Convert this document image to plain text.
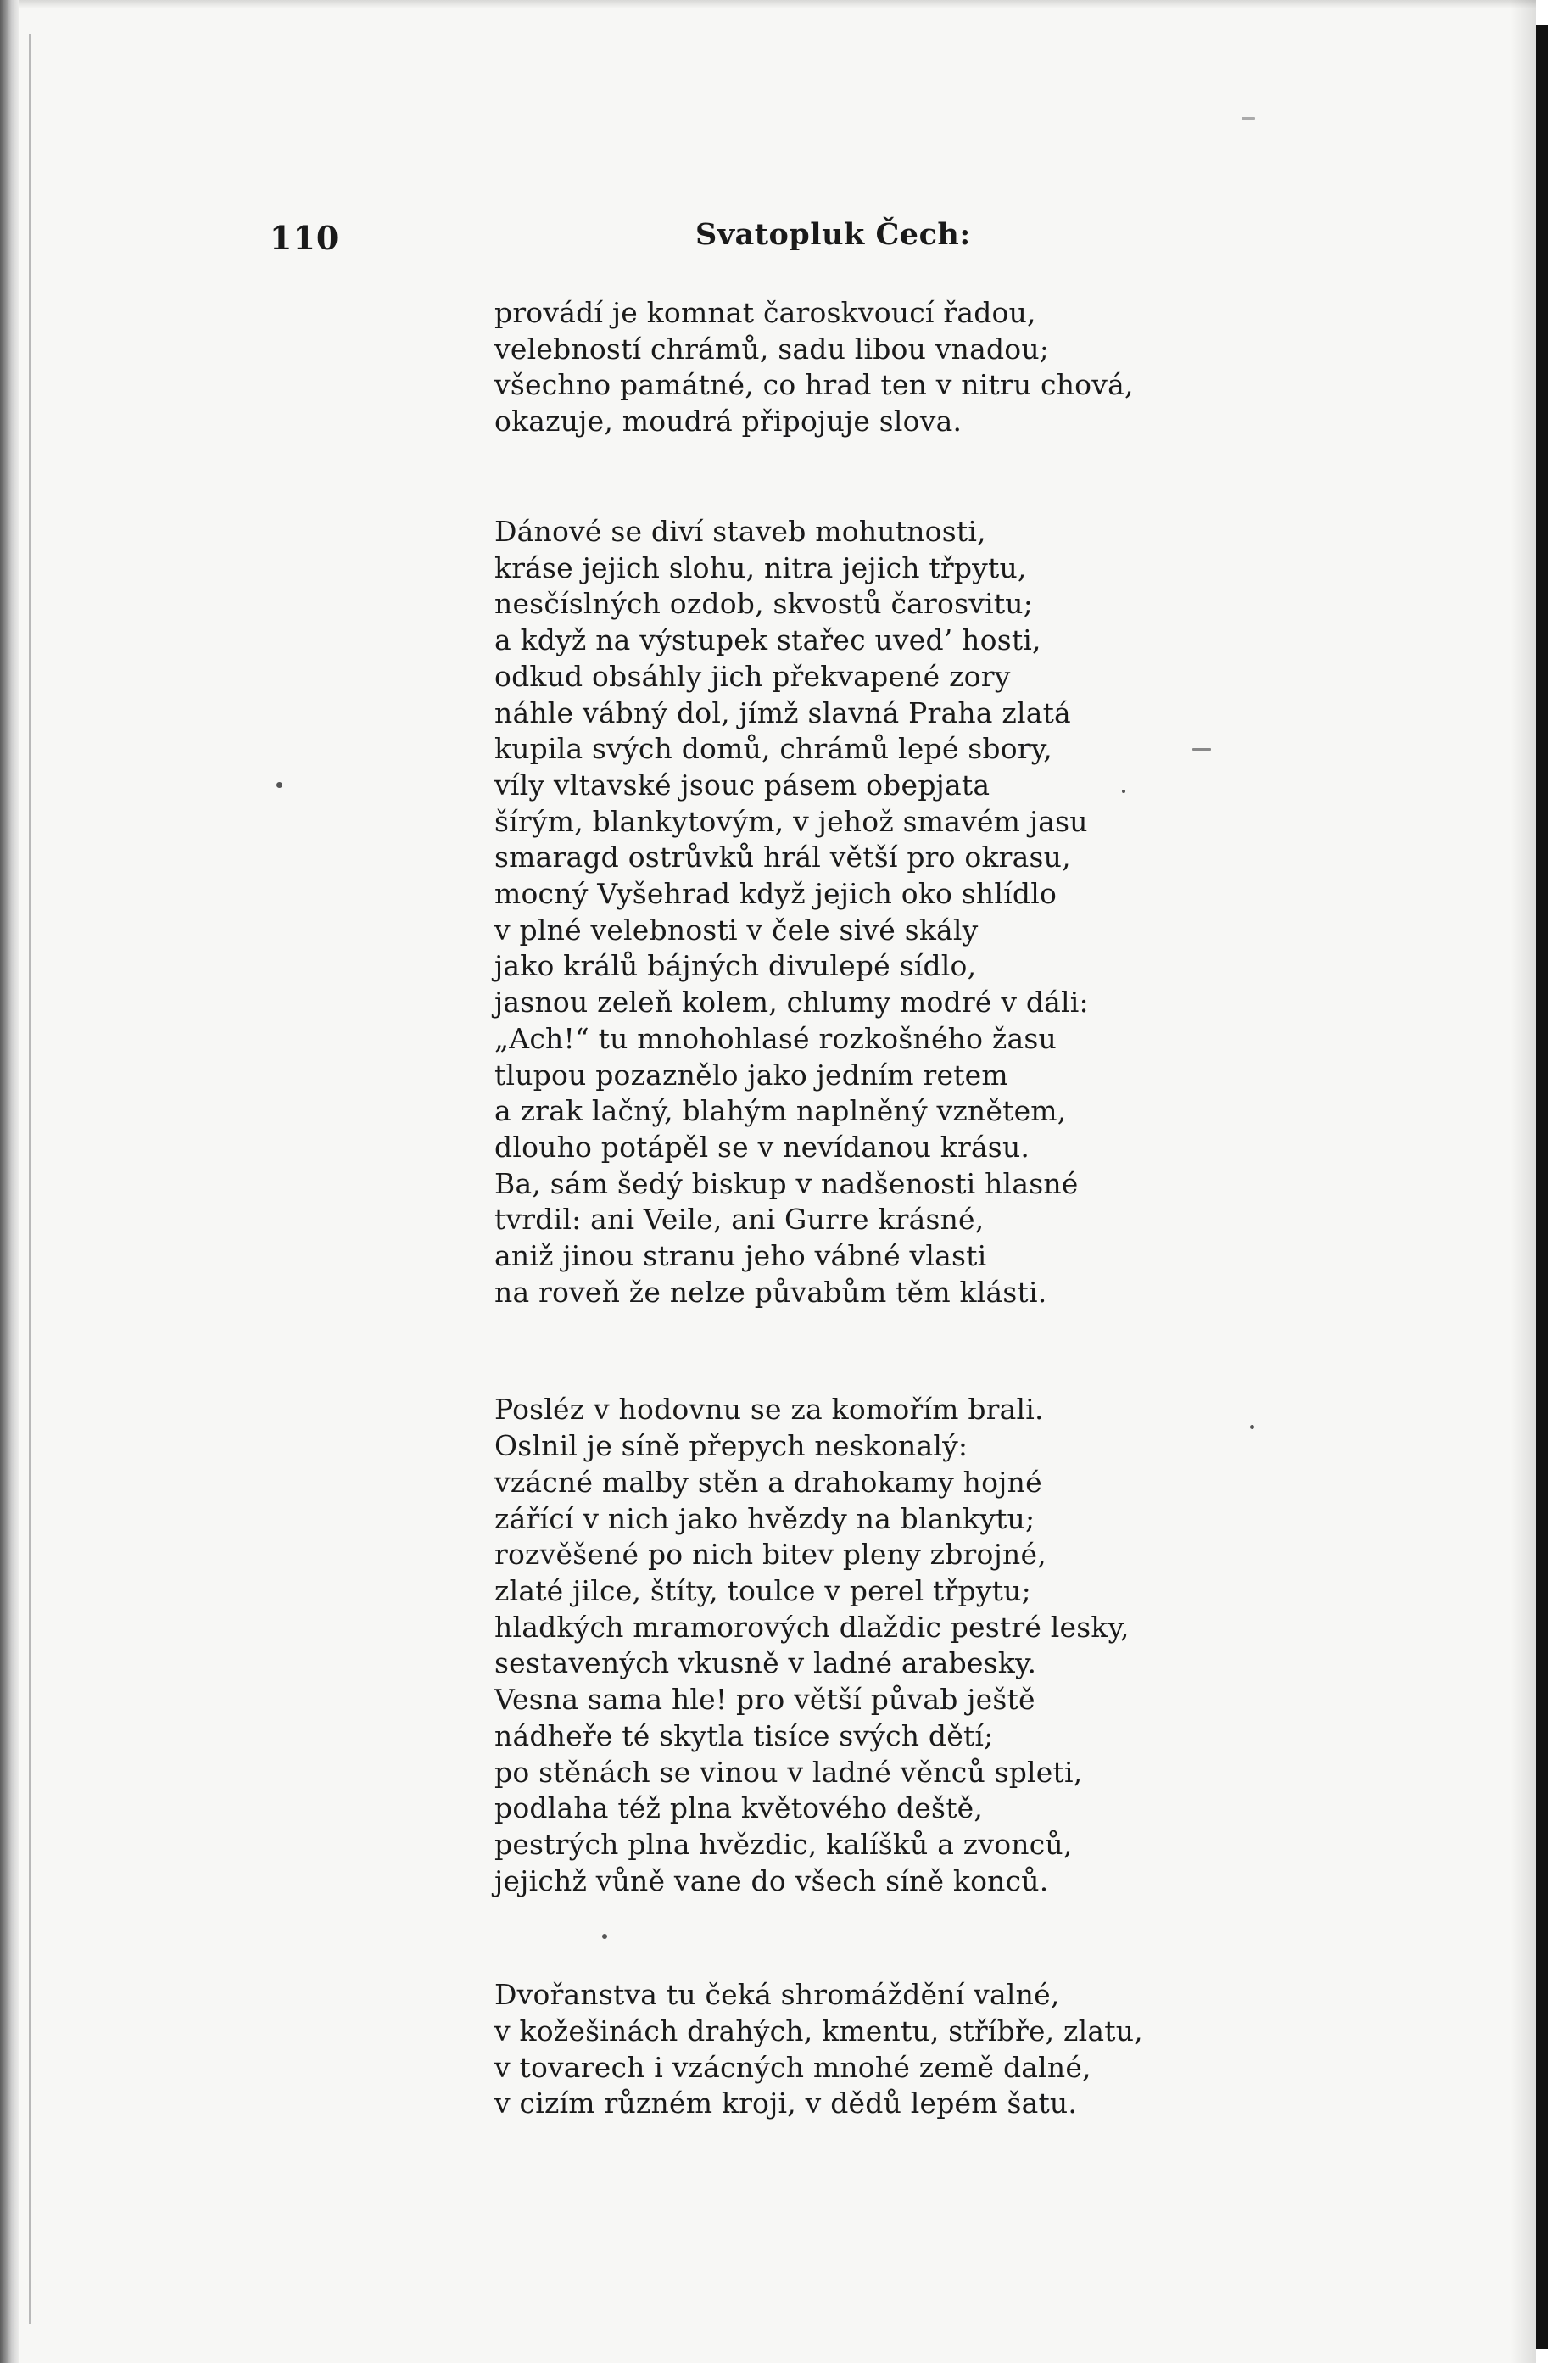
110	Svatopluk Čech:
provádí je komnat čaroskvoucí řadou,
velebností chrámů, sadu libou vnadou;
všechno památné, co hrad ten v nitru chová,
okazuje, moudrá připojuje slova.
Dánové se diví staveb mohutnosti,
kráse jejich slohu, nitra jejich třpytu,
nesčíslných ozdob, skvostů čarosvitu;
a když na výstupek stařec uved’ hosti,
odkud obsáhly jich překvapené zory
náhle vábný dol, jímž slavná Praha zlatá
kupila svých domů, chrámů lepé sbory,
víly vltavské jsouc pásem obepjata
šírým, blankytovým, v jehož smavém jasu
smaragd ostrůvků hrál větší pro okrasu,
mocný Vyšehrad když jejich oko shlídlo
v plné velebnosti v čele sivé skály
jako králů bájných divulepé sídlo,
jasnou zeleň kolem, chlumy modré v dáli:
„Ach!“ tu mnohohlasé rozkošného žasu
tlupou pozaznělo jako jedním retem
a zrak lačný, blahým naplněný vznětem,
dlouho potápěl se v nevídanou krásu.
Ba, sám šedý biskup v nadšenosti hlasné
tvrdil: ani Veile, ani Gurre krásné,
aniž jinou stranu jeho vábné vlasti
na roveň že nelze půvabům těm klásti.
Posléz v hodovnu se za komořím brali.
Oslnil je síně přepych neskonalý:
vzácné malby stěn a drahokamy hojné
zářící v nich jako hvězdy na blankytu;
rozvěšené po nich bitev pleny zbrojné,
zlaté jilce, štíty, toulce v perel třpytu;
hladkých mramorových dlaždic pestré lesky,
sestavených vkusně v ladné arabesky.
Vesna sama hle! pro větší půvab ještě
nádheře té skytla tisíce svých dětí;
po stěnách se vinou v ladné věnců spleti,
podlaha též plna květového deště,
pestrých plna hvězdic, kalíšků a zvonců,
jejichž vůně vane do všech síně konců.
Dvořanstva tu čeká shromáždění valné,
v kožešinách drahých, kmentu, stříbře, zlatu,
v tovarech i vzácných mnohé země dalné,
v cizím různém kroji, v dědů lepém šatu.
